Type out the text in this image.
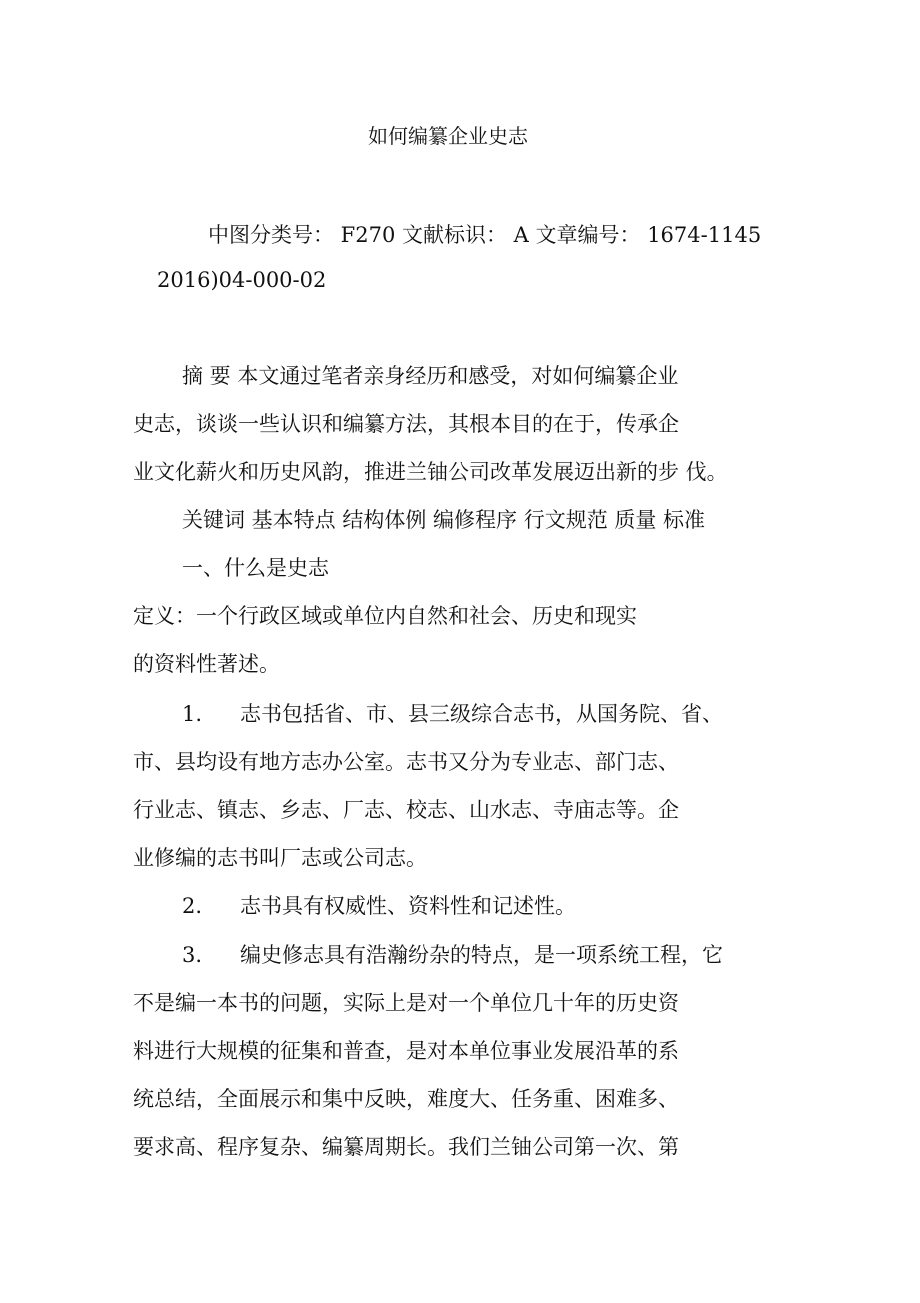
如何编纂企业史志
中图分类号： F270 文献标识： A 文章编号： 1674-1145
2016)04-000-02
摘 要 本文通过笔者亲身经历和感受，对如何编纂企业
史志，谈谈一些认识和编纂方法，其根本目的在于，传承企
业文化薪火和历史风韵，推进兰铀公司改革发展迈出新的步 伐。
关键词 基本特点 结构体例 编修程序 行文规范 质量 标准
一、什么是史志
定义：一个行政区域或单位内自然和社会、历史和现实
的资料性著述。
1. 志书包括省、市、县三级综合志书，从国务院、省、
市、县均设有地方志办公室。志书又分为专业志、部门志、
行业志、镇志、乡志、厂志、校志、山水志、寺庙志等。企
业修编的志书叫厂志或公司志。
2. 志书具有权威性、资料性和记述性。
3. 编史修志具有浩瀚纷杂的特点，是一项系统工程，它
不是编一本书的问题，实际上是对一个单位几十年的历史资
料进行大规模的征集和普查，是对本单位事业发展沿革的系
统总结，全面展示和集中反映，难度大、任务重、困难多、
要求高、程序复杂、编纂周期长。我们兰铀公司第一次、第
